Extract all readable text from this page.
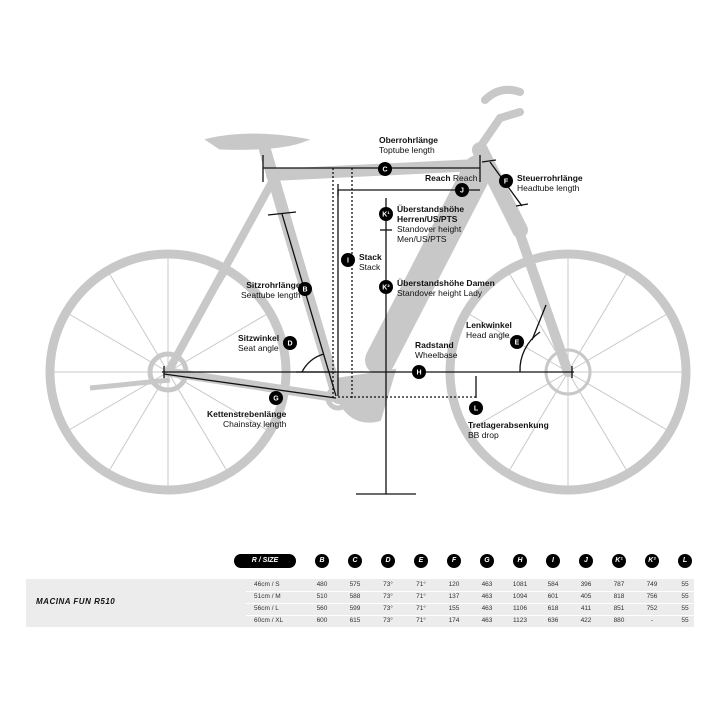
C
J
F
K¹
I
K²
B
D	E
H
G
L
Oberrohrlänge
Toptube length
Reach Reach	Steuerrohrlänge
Headtube length
Überstandshöhe Herren/US/PTS
Standover height
Men/US/PTS
Stack
Stack
Überstandshöhe Damen
Standover height Lady
Sitzrohrlänge
Seattube length
Sitzwinkel
Seat angle
Lenkwinkel
Head angle
Radstand
Wheelbase
Kettenstrebenlänge
Chainstay length	Tretlagerabsenkung
BB drop
R / SIZE	B	C	D	E	F	G	H	I	J	K¹	K²	L
MACINA FUN R510
46cm / S	480	575	73°	71°	120	463	1081	584	396	787	749	55
51cm / M	510	588	73°	71°	137	463	1094	601	405	818	756	55
56cm / L	560	599	73°	71°	155	463	1106	618	411	851	752	55
60cm / XL	600	615	73°	71°	174	463	1123	636	422	880	-	55
